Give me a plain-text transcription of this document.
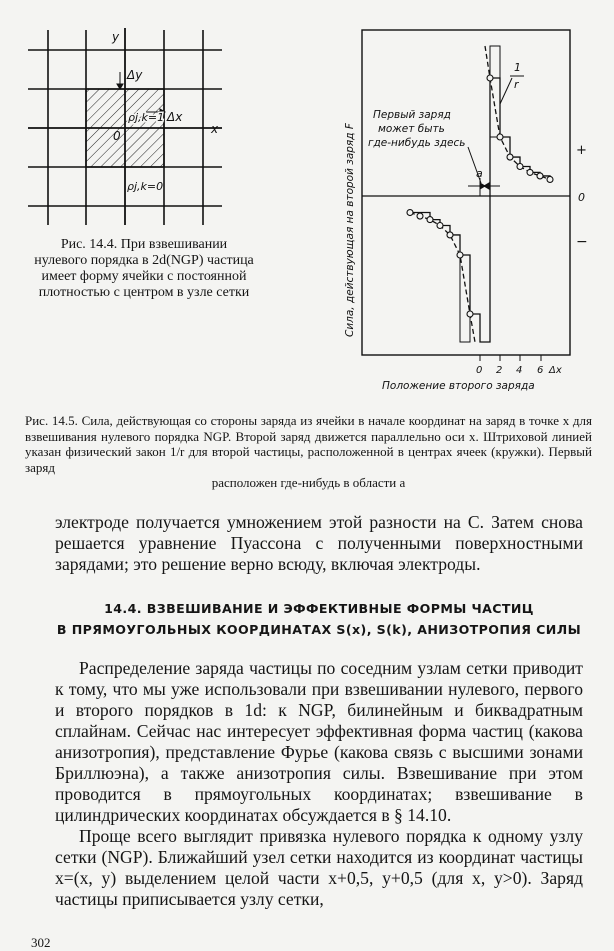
y
x
Δy
Δx
0
ρj,k=1
ρj,k=0
Рис. 14.4. При взвешивании нулевого порядка в 2d(NGP) частица имеет форму ячейки с постоянной плотностью с центром в узле сетки
1
r
a
+
0
−
0 2 4 6 Δx
Положение второго заряда
Сила, действующая на второй заряд F
Первый заряд может быть где-нибудь здесь
Рис. 14.5. Сила, действующая со стороны заряда из ячейки в начале координат на заряд в точке x для взвешивания нулевого порядка NGP. Второй заряд движется параллельно оси x. Штриховой линией указан физический закон 1/r для второй частицы, расположенной в центрах ячеек (кружки). Первый заряд
расположен где-нибудь в области a
электроде получается умножением этой разности на C. Затем снова решается уравнение Пуассона с полученными поверхностными зарядами; это решение верно всюду, включая электроды.
14.4. ВЗВЕШИВАНИЕ И ЭФФЕКТИВНЫЕ ФОРМЫ ЧАСТИЦ
В ПРЯМОУГОЛЬНЫХ КООРДИНАТАХ S(x), S(k), АНИЗОТРОПИЯ СИЛЫ
Распределение заряда частицы по соседним узлам сетки приводит к тому, что мы уже использовали при взвешивании нулевого, первого и второго порядков в 1d: к NGP, билинейным и биквадратным сплайнам. Сейчас нас интересует эффективная форма частиц (какова анизотропия), представление Фурье (какова связь с высшими зонами Бриллюэна), а также анизотропия силы. Взвешивание при этом проводится в прямоугольных координатах; взвешивание в цилиндрических координатах обсуждается в § 14.10.
Проще всего выглядит привязка нулевого порядка к одному узлу сетки (NGP). Ближайший узел сетки находится из координат частицы x=(x, y) выделением целой части x+0,5, y+0,5 (для x, y>0). Заряд частицы приписывается узлу сетки,
302
